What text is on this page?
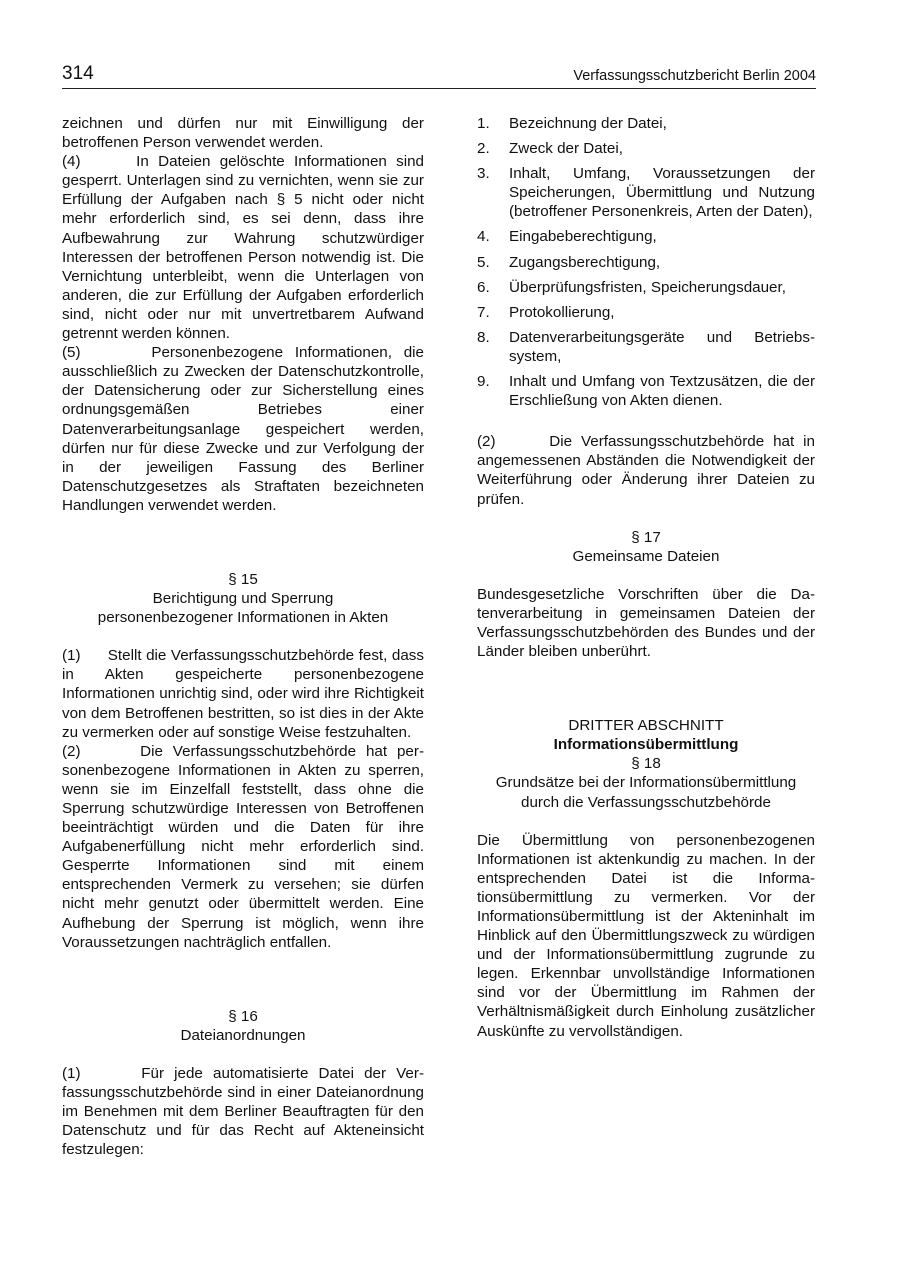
314	Verfassungsschutzbericht Berlin 2004

zeichnen und dürfen nur mit Einwilligung der betroffenen Person verwendet werden.

(4)      In Dateien gelöschte Informationen sind gesperrt. Unterlagen sind zu vernichten, wenn sie zur Erfüllung der Aufgaben nach § 5 nicht oder nicht mehr erforderlich sind, es sei denn, dass ihre Aufbewahrung zur Wahrung schutzwürdiger Interessen der betroffenen Person notwendig ist. Die Vernichtung unterbleibt, wenn die Unterlagen von anderen, die zur Erfüllung der Aufgaben erforderlich sind, nicht oder nur mit unvertretbarem Aufwand getrennt werden können.

(5)      Personenbezogene Informationen, die ausschließlich zu Zwecken der Datenschutzkontrolle, der Datensicherung oder zur Sicherstellung eines ordnungsgemäßen Betriebes einer Datenverarbeitungsanlage gespeichert werden, dürfen nur für diese Zwecke und zur Verfolgung der in der jeweiligen Fassung des Berliner Datenschutzgesetzes als Straftaten bezeichneten Handlungen verwendet werden.

§ 15

Berichtigung und Sperrung

personenbezogener Informationen in Akten

(1)      Stellt die Verfassungsschutzbehörde fest, dass in Akten gespeicherte personenbezogene Informationen unrichtig sind, oder wird ihre Richtigkeit von dem Betroffenen bestritten, so ist dies in der Akte zu vermerken oder auf sonstige Weise festzuhalten.

(2)      Die Verfassungsschutzbehörde hat personenbezogene Informationen in Akten zu sperren, wenn sie im Einzelfall feststellt, dass ohne die Sperrung schutzwürdige Interessen von Betroffenen beeinträchtigt würden und die Daten für ihre Aufgabenerfüllung nicht mehr erforderlich sind. Gesperrte Informationen sind mit einem entsprechenden Vermerk zu versehen; sie dürfen nicht mehr genutzt oder übermittelt werden. Eine Aufhebung der Sperrung ist möglich, wenn ihre Voraussetzungen nachträglich entfallen.

§ 16

Dateianordnungen

(1)      Für jede automatisierte Datei der Verfassungsschutzbehörde sind in einer Dateianordnung im Benehmen mit dem Berliner Beauftragten für den Datenschutz und für das Recht auf Akteneinsicht festzulegen:

1. Bezeichnung der Datei,
2. Zweck der Datei,
3. Inhalt, Umfang, Voraussetzungen der Speicherungen, Übermittlung und Nutzung (betroffener Personenkreis, Arten der Daten),
4. Eingabeberechtigung,
5. Zugangsberechtigung,
6. Überprüfungsfristen, Speicherungsdauer,
7. Protokollierung,
8. Datenverarbeitungsgeräte und Betriebssystem,
9. Inhalt und Umfang von Textzusätzen, die der Erschließung von Akten dienen.

(2)      Die Verfassungsschutzbehörde hat in angemessenen Abständen die Notwendigkeit der Weiterführung oder Änderung ihrer Dateien zu prüfen.

§ 17

Gemeinsame Dateien

Bundesgesetzliche Vorschriften über die Datenverarbeitung in gemeinsamen Dateien der Verfassungsschutzbehörden des Bundes und der Länder bleiben unberührt.

DRITTER ABSCHNITT

Informationsübermittlung

§ 18

Grundsätze bei der Informationsübermittlung

durch die Verfassungsschutzbehörde

Die Übermittlung von personenbezogenen Informationen ist aktenkundig zu machen. In der entsprechenden Datei ist die Informationsübermittlung zu vermerken. Vor der Informationsübermittlung ist der Akteninhalt im Hinblick auf den Übermittlungszweck zu würdigen und der Informationsübermittlung zugrunde zu legen. Erkennbar unvollständige Informationen sind vor der Übermittlung im Rahmen der Verhältnismäßigkeit durch Einholung zusätzlicher Auskünfte zu vervollständigen.
